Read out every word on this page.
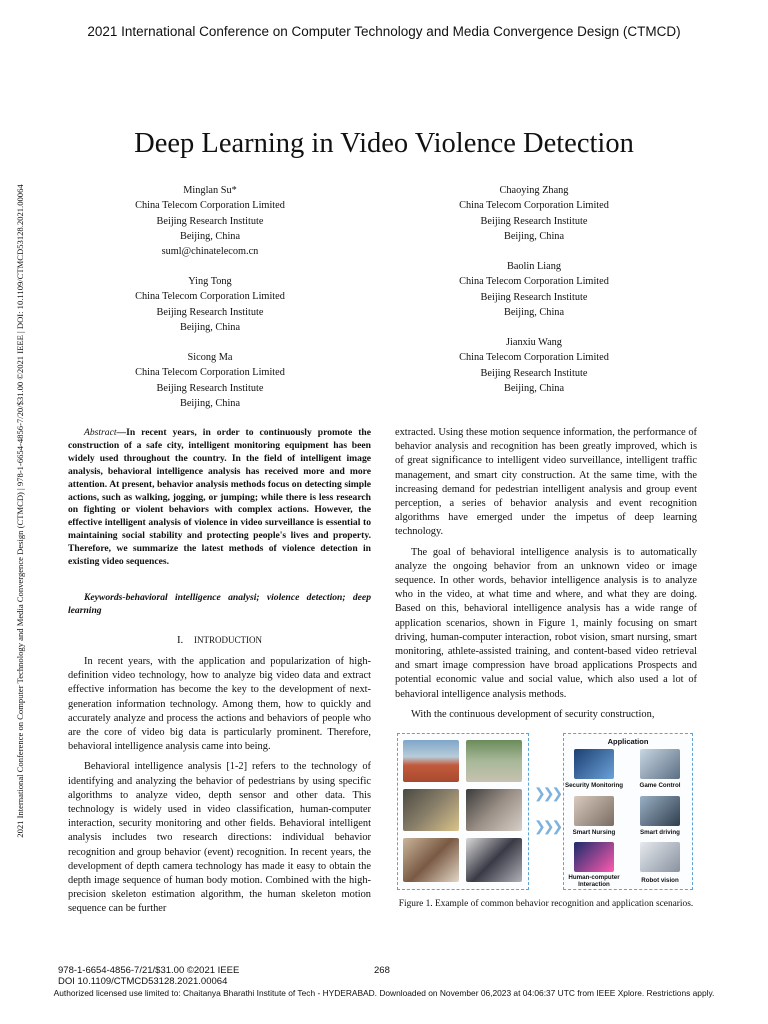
2021 International Conference on Computer Technology and Media Convergence Design (CTMCD)
2021 International Conference on Computer Technology and Media Convergence Design (CTMCD) | 978-1-6654-4856-7/20/$31.00 ©2021 IEEE | DOI: 10.1109/CTMCD53128.2021.00064
Deep Learning in Video Violence Detection
Minglan Su*
China Telecom Corporation Limited
Beijing Research Institute
Beijing, China
suml@chinatelecom.cn
Chaoying Zhang
China Telecom Corporation Limited
Beijing Research Institute
Beijing, China
Baolin Liang
China Telecom Corporation Limited
Beijing Research Institute
Beijing, China
Ying Tong
China Telecom Corporation Limited
Beijing Research Institute
Beijing, China
Jianxiu Wang
China Telecom Corporation Limited
Beijing Research Institute
Beijing, China
Sicong Ma
China Telecom Corporation Limited
Beijing Research Institute
Beijing, China

Abstract—In recent years, in order to continuously promote the construction of a safe city, intelligent monitoring equipment has been widely used throughout the country. In the field of intelligent image analysis, behavioral intelligence analysis has received more and more attention. At present, behavior analysis methods focus on detecting simple actions, such as walking, jogging, or jumping; while there is less research on fighting or violent behaviors with complex actions. However, the effective intelligent analysis of violence in video surveillance is essential to maintaining social stability and protecting people's lives and property. Therefore, we summarize the latest methods of violence detection in existing video sequences.

Keywords-behavioral intelligence analysi; violence detection; deep learning

I. INTRODUCTION

In recent years, with the application and popularization of high-definition video technology, how to analyze big video data and extract effective information has become the key to the development of next-generation information technology. Among them, how to quickly and accurately analyze and process the actions and behaviors of people who are the core of video big data is particularly prominent. Therefore, behavioral intelligence analysis came into being.

Behavioral intelligence analysis [1-2] refers to the technology of identifying and analyzing the behavior of pedestrians by using specific algorithms to analyze video, depth sensor and other data. This technology is widely used in video classification, human-computer interaction, security monitoring and other fields. Behavioral intelligent analysis includes two research directions: individual behavior recognition and group behavior (event) recognition. In recent years, the development of depth camera technology has made it easy to obtain the depth image sequence of human body motion. Combined with the high-precision skeleton estimation algorithm, the human skeleton motion sequence can be further

extracted. Using these motion sequence information, the performance of behavior analysis and recognition has been greatly improved, which is of great significance to intelligent video surveillance, intelligent traffic management, and smart city construction. At the same time, with the increasing demand for pedestrian intelligent analysis and group event perception, a series of behavior analysis and event recognition algorithms have emerged under the impetus of deep learning technology.

The goal of behavioral intelligence analysis is to automatically analyze the ongoing behavior from an unknown video or image sequence. In other words, behavior intelligence analysis is to analyze who in the video, at what time and where, and what they are doing. Based on this, behavioral intelligence analysis has a wide range of application scenarios, shown in Figure 1, mainly focusing on smart driving, human-computer interaction, robot vision, smart nursing, smart monitoring, athlete-assisted training, and content-based video retrieval and smart image compression have broad applications Prospects and potential economic value and social value, which also used a lot of behavioral intelligence analysis methods.

With the continuous development of security construction,

❯❯❯
❯❯❯
Application
Security Monitoring	Game Control
Smart Nursing	Smart driving
Human-computer Interaction
Robot vision
Figure 1. Example of common behavior recognition and application scenarios.
978-1-6654-4856-7/21/$31.00 ©2021 IEEE
DOI 10.1109/CTMCD53128.2021.00064
268
Authorized licensed use limited to: Chaitanya Bharathi Institute of Tech - HYDERABAD. Downloaded on November 06,2023 at 04:06:37 UTC from IEEE Xplore. Restrictions apply.
